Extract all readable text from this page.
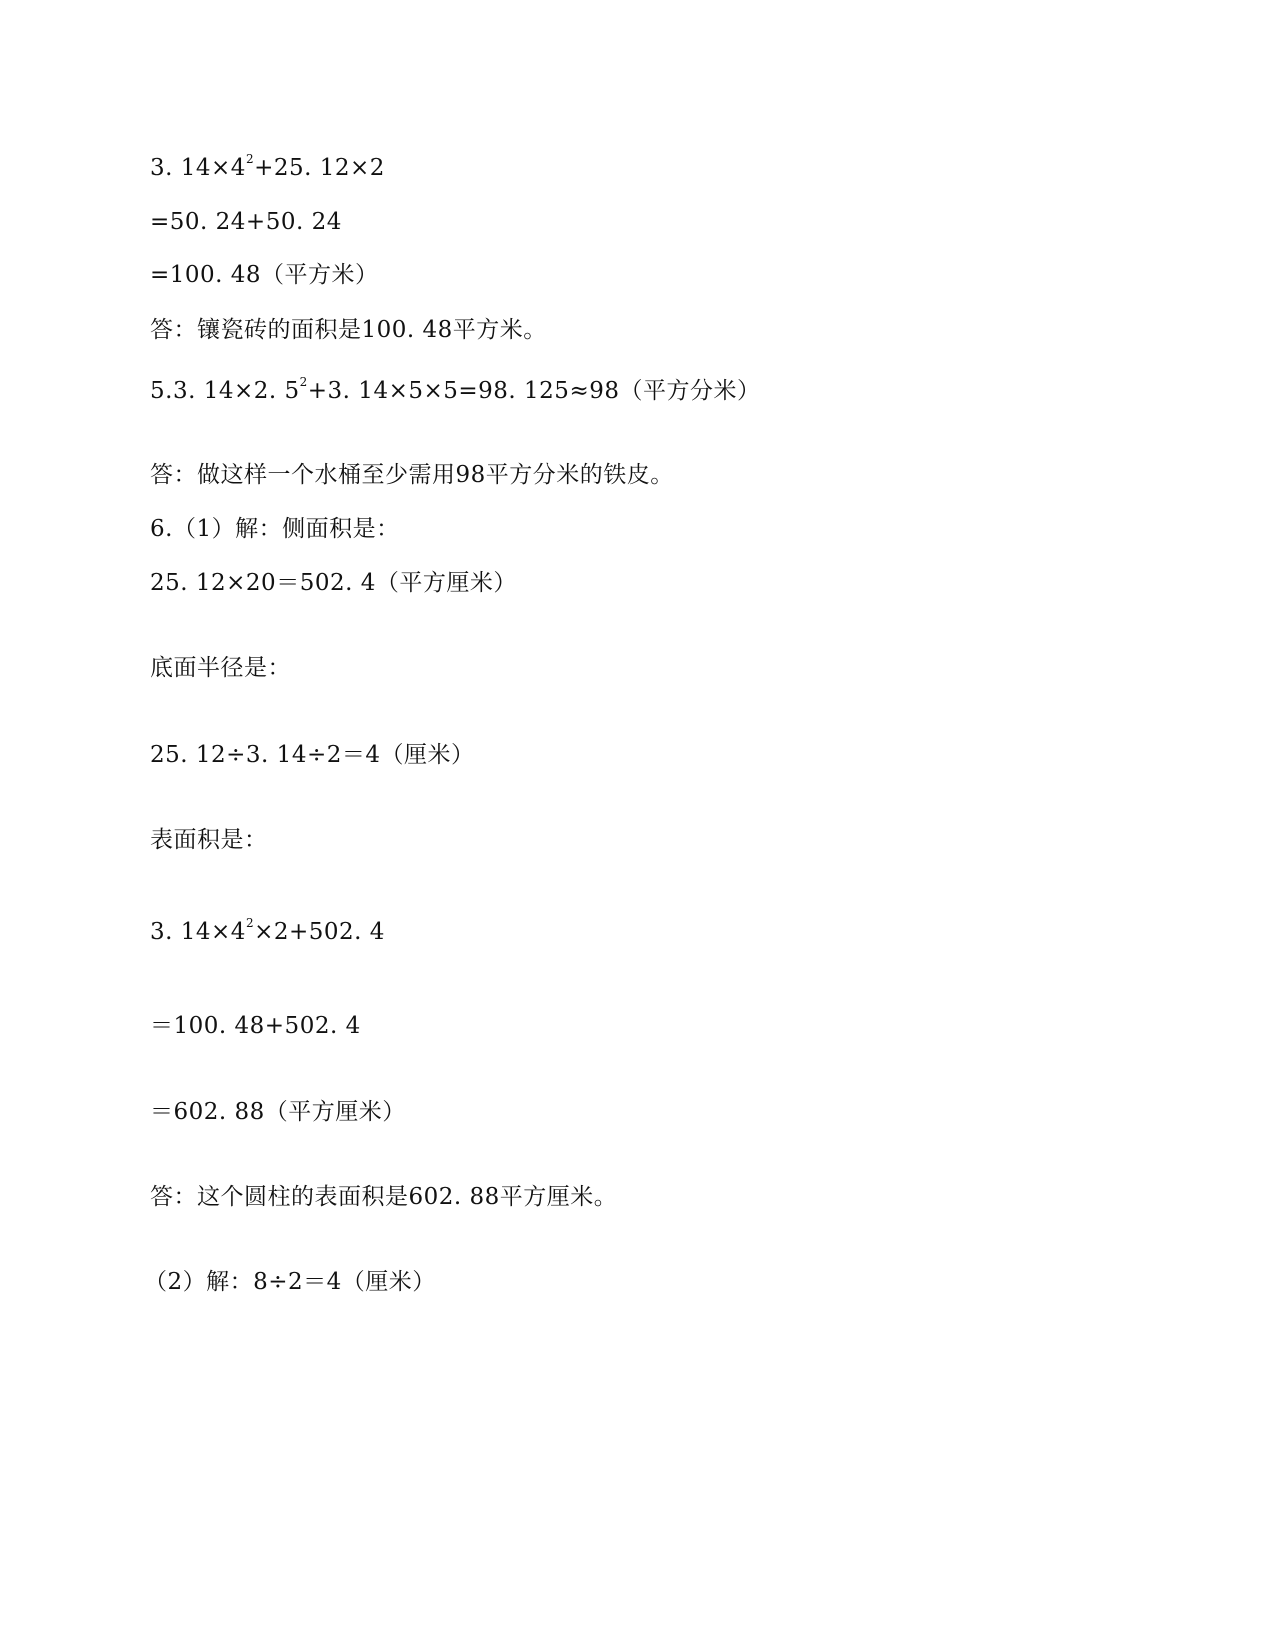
3. $14\times 4^2+25$. 12×2
=50. 24+50. 24
=100. 48（平方米）
答：镶瓷砖的面积是100. 48平方米。
5.3. 14×2. $5^2+3$. 14×5×5=98. 125≈98（平方分米）
答：做这样一个水桶至少需用98平方分米的铁皮。
6.（1）解：侧面积是：
25. 12×20＝502. 4（平方厘米）
底面半径是：
25. 12÷3. 14÷2＝4（厘米）
表面积是：
3. $14\times 4^2\times 2+502$. 4
＝100. 48+502. 4
＝602. 88（平方厘米）
答：这个圆柱的表面积是602. 88平方厘米。
（2）解：8÷2＝4（厘米）
